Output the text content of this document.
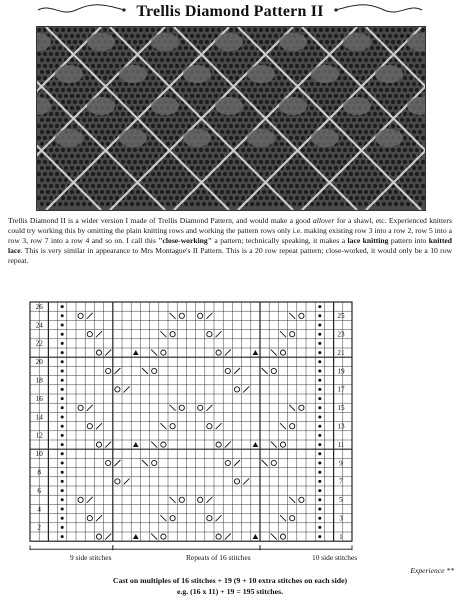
Trellis Diamond Pattern II
Trellis Diamond II is a wider version I made of Trellis Diamond Pattern, and would make a good allover for a shawl, etc. Experienced knitters could try working this by omitting the plain knitting rows and working the pattern rows only i.e. making existing row 3 into a row 2, row 5 into a row 3, row 7 into a row 4 and so on. I call this "close-working" a pattern; technically speaking, it makes a lace knitting pattern into knitted lace. This is very similar in appearance to Mrs Montague's II Pattern. This is a 20 row repeat pattern; close-worked, it would only be a 10 row repeat.
26
24
22
20
18
16
14
12
10
8
6
4
2
25
23
21
19
17
15
13
11
9
7
5
3
1
9 side stitches	Repeats of 16 stitches	10 side stitches
Experience **
Cast on multiples of 16 stitches + 19 (9 + 10 extra stitches on each side)
e.g. (16 x 11) + 19 = 195 stitches.
